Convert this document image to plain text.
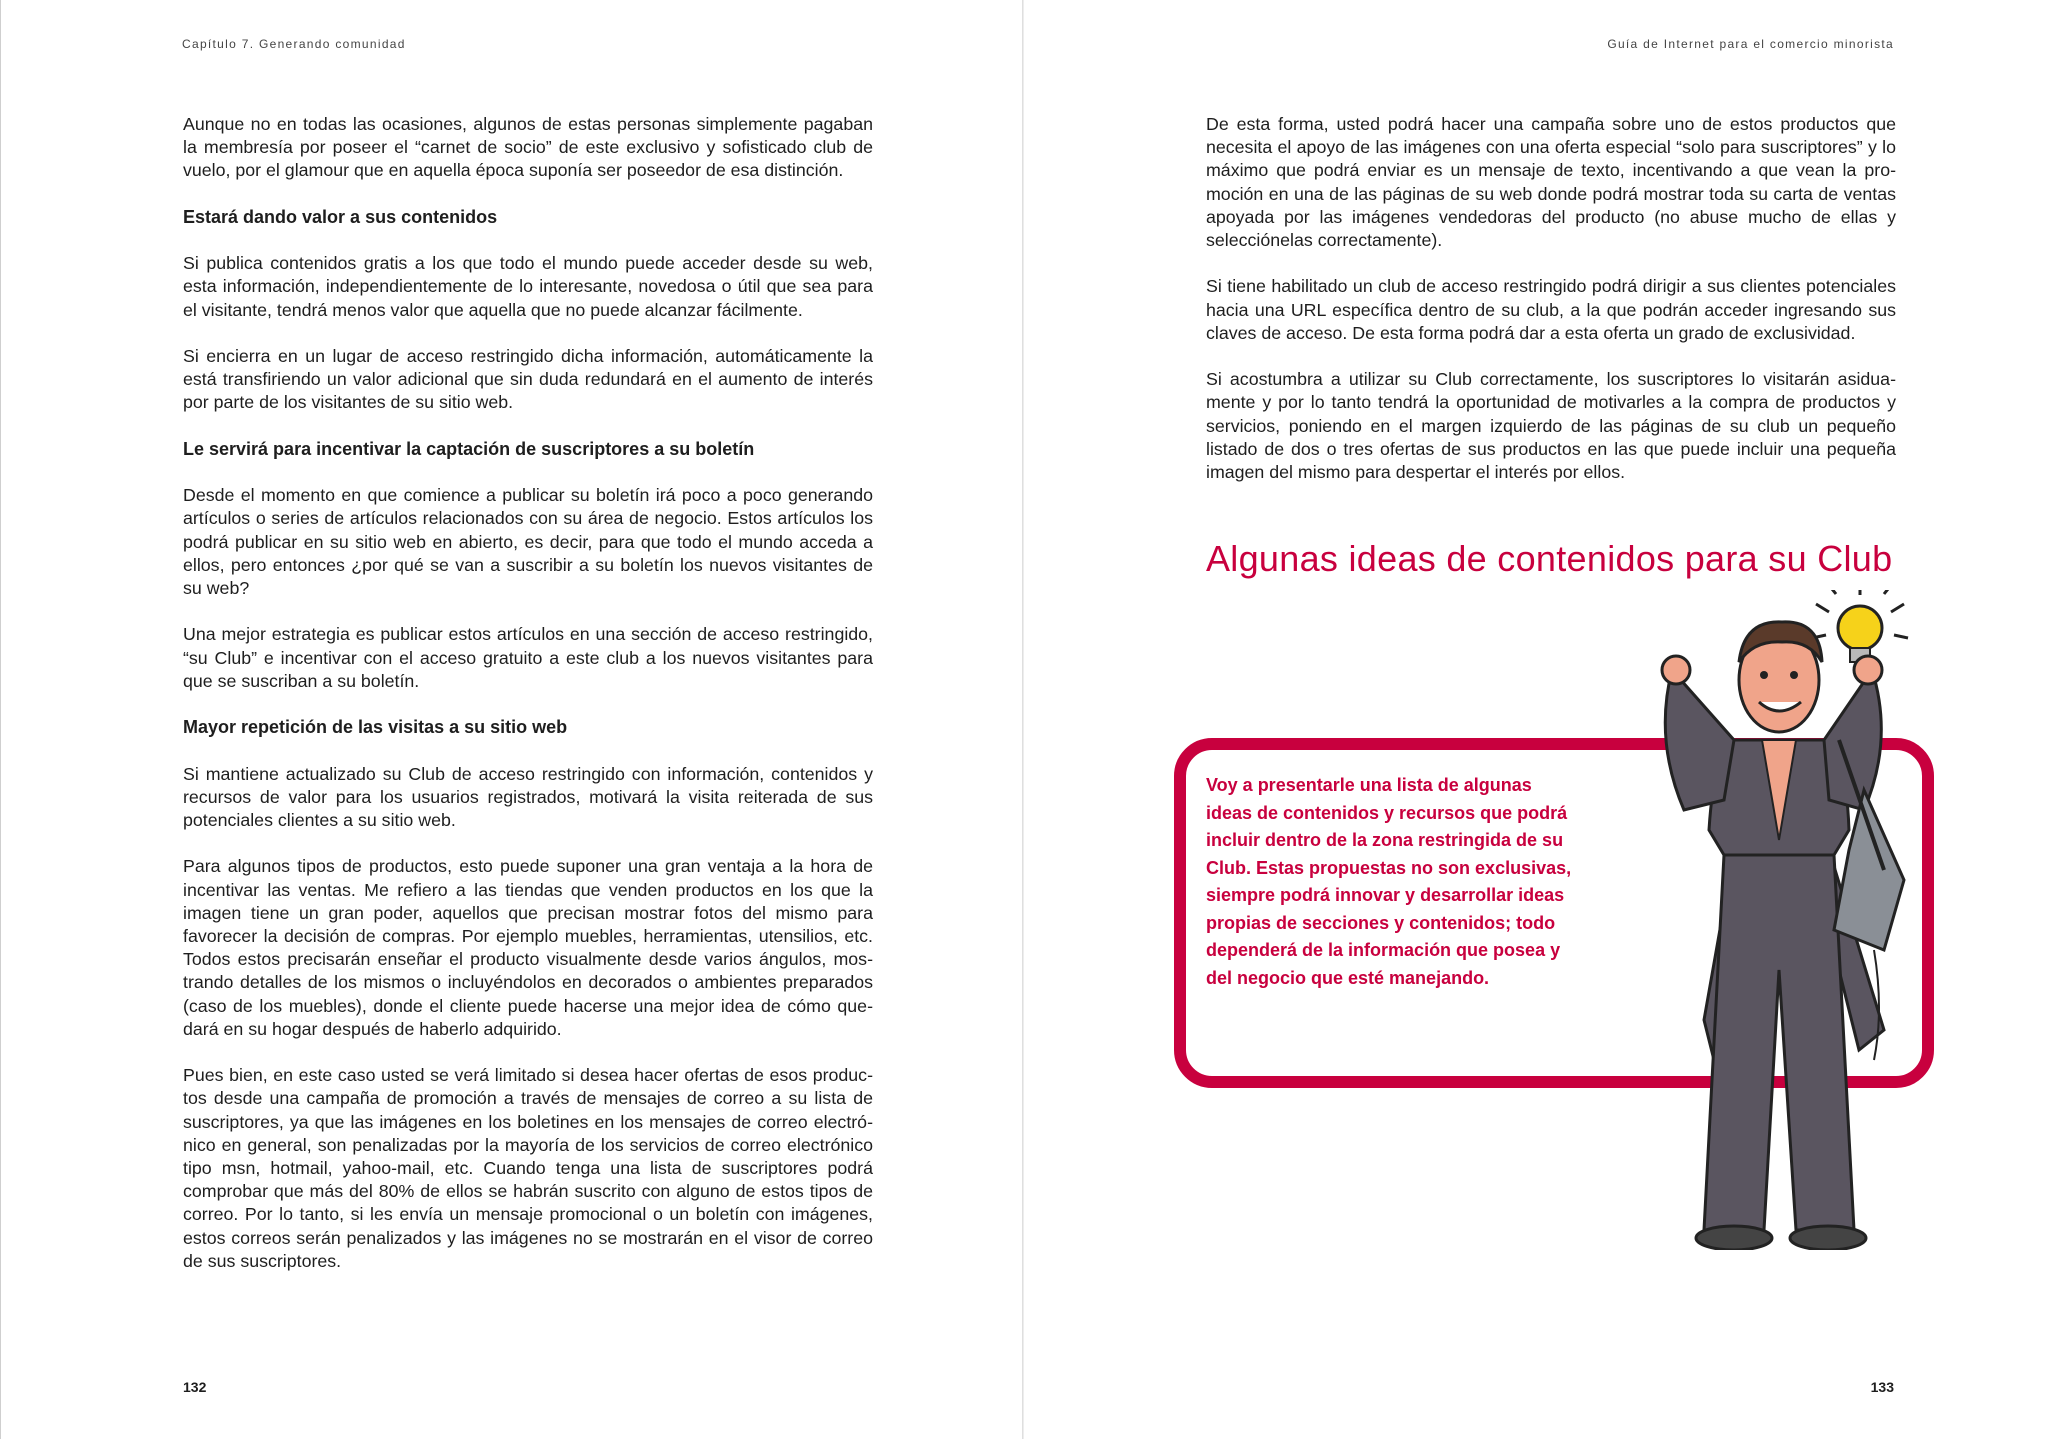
Capítulo 7. Generando comunidad

Aunque no en todas las ocasiones, algunos de estas personas simplemente pagaban la membresía por poseer el “carnet de socio” de este exclusivo y sofisticado club de vuelo, por el glamour que en aquella época suponía ser poseedor de esa distinción.

Estará dando valor a sus contenidos

Si publica contenidos gratis a los que todo el mundo puede acceder desde su web, esta información, independientemente de lo interesante, novedosa o útil que sea para el visitante, tendrá menos valor que aquella que no puede alcanzar fácilmente.

Si encierra en un lugar de acceso restringido dicha información, automáticamente la está transfiriendo un valor adicional que sin duda redundará en el aumento de interés por parte de los visitantes de su sitio web.

Le servirá para incentivar la captación de suscriptores a su boletín

Desde el momento en que comience a publicar su boletín irá poco a poco generando artículos o series de artículos relacionados con su área de negocio. Estos artículos los podrá publicar en su sitio web en abierto, es decir, para que todo el mundo acceda a ellos, pero entonces ¿por qué se van a suscribir a su boletín los nuevos visitantes de su web?

Una mejor estrategia es publicar estos artículos en una sección de acceso restringido, “su Club” e incentivar con el acceso gratuito a este club a los nuevos visitantes para que se suscriban a su boletín.

Mayor repetición de las visitas a su sitio web

Si mantiene actualizado su Club de acceso restringido con información, contenidos y recursos de valor para los usuarios registrados, motivará la visita reiterada de sus potenciales clientes a su sitio web.

Para algunos tipos de productos, esto puede suponer una gran ventaja a la hora de incentivar las ventas. Me refiero a las tiendas que venden productos en los que la imagen tiene un gran poder, aquellos que precisan mostrar fotos del mismo para favorecer la decisión de compras. Por ejemplo muebles, herramientas, utensilios, etc. Todos estos precisarán enseñar el producto visualmente desde varios ángulos, mostrando detalles de los mismos o incluyéndolos en decorados o ambientes preparados (caso de los muebles), donde el cliente puede hacerse una mejor idea de cómo quedará en su hogar después de haberlo adquirido.

Pues bien, en este caso usted se verá limitado si desea hacer ofertas de esos productos desde una campaña de promoción a través de mensajes de correo a su lista de suscriptores, ya que las imágenes en los boletines en los mensajes de correo electrónico en general, son penalizadas por la mayoría de los servicios de correo electrónico tipo msn, hotmail, yahoo-mail, etc. Cuando tenga una lista de suscriptores podrá comprobar que más del 80% de ellos se habrán suscrito con alguno de estos tipos de correo. Por lo tanto, si les envía un mensaje promocional o un boletín con imágenes, estos correos serán penalizados y las imágenes no se mostrarán en el visor de correo de sus suscriptores.

132
Guía de Internet para el comercio minorista

De esta forma, usted podrá hacer una campaña sobre uno de estos productos que necesita el apoyo de las imágenes con una oferta especial “solo para suscriptores” y lo máximo que podrá enviar es un mensaje de texto, incentivando a que vean la promoción en una de las páginas de su web donde podrá mostrar toda su carta de ventas apoyada por las imágenes vendedoras del producto (no abuse mucho de ellas y selecciónelas correctamente).

Si tiene habilitado un club de acceso restringido podrá dirigir a sus clientes potenciales hacia una URL específica dentro de su club, a la que podrán acceder ingresando sus claves de acceso. De esta forma podrá dar a esta oferta un grado de exclusividad.

Si acostumbra a utilizar su Club correctamente, los suscriptores lo visitarán asiduamente y por lo tanto tendrá la oportunidad de motivarles a la compra de productos y servicios, poniendo en el margen izquierdo de las páginas de su club un pequeño listado de dos o tres ofertas de sus productos en las que puede incluir una pequeña imagen del mismo para despertar el interés por ellos.

Algunas ideas de contenidos para su Club

Voy a presentarle una lista de algunas ideas de contenidos y recursos que podrá incluir dentro de la zona restringida de su Club. Estas propuestas no son exclusivas, siempre podrá innovar y desarrollar ideas propias de secciones y contenidos; todo dependerá de la información que posea y del negocio que esté manejando.

133
